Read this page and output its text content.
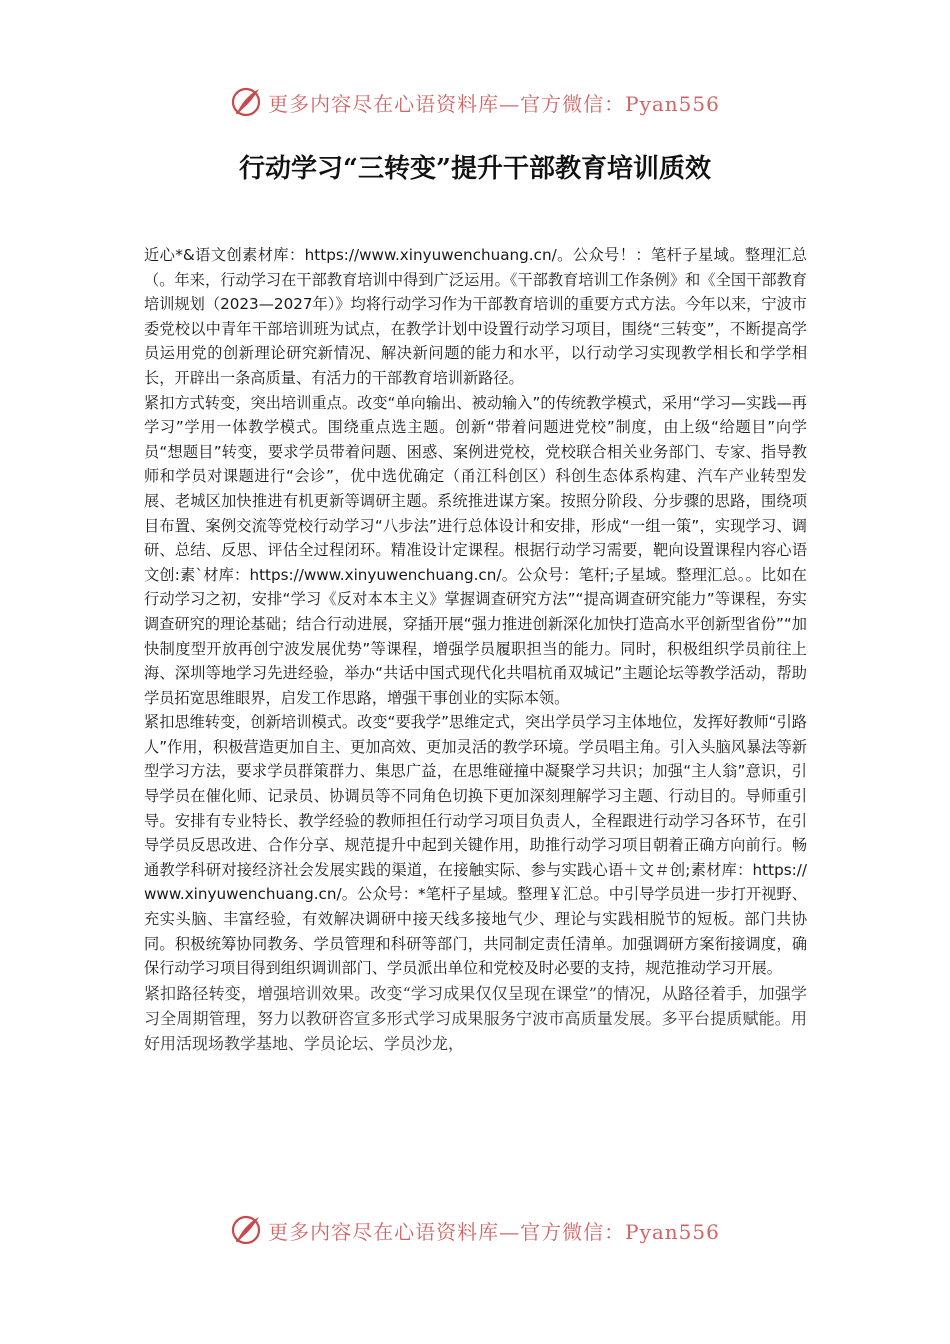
更多内容尽在心语资料库—官方微信：Pyan556
行动学习“三转变”提升干部教育培训质效

近心*&语文创素材库：https://www.xinyuwenchuang.cn/。公众号！：笔杆子星域。整理汇总（。年来，行动学习在干部教育培训中得到广泛运用。《干部教育培训工作条例》和《全国干部教育培训规划（2023—2027年）》均将行动学习作为干部教育培训的重要方式方法。今年以来，宁波市委党校以中青年干部培训班为试点，在教学计划中设置行动学习项目，围绕“三转变”，不断提高学员运用党的创新理论研究新情况、解决新问题的能力和水平，以行动学习实现教学相长和学学相长，开辟出一条高质量、有活力的干部教育培训新路径。

紧扣方式转变，突出培训重点。改变“单向输出、被动输入”的传统教学模式，采用“学习—实践—再学习”学用一体教学模式。围绕重点选主题。创新“带着问题进党校”制度，由上级“给题目”向学员“想题目”转变，要求学员带着问题、困惑、案例进党校，党校联合相关业务部门、专家、指导教师和学员对课题进行“会诊”，优中选优确定（甬江科创区）科创生态体系构建、汽车产业转型发展、老城区加快推进有机更新等调研主题。系统推进谋方案。按照分阶段、分步骤的思路，围绕项目布置、案例交流等党校行动学习“八步法”进行总体设计和安排，形成“一组一策”，实现学习、调研、总结、反思、评估全过程闭环。精准设计定课程。根据行动学习需要，靶向设置课程内容心语文创:素`材库：https://www.xinyuwenchuang.cn/。公众号：笔杆;子星域。整理汇总。。比如在行动学习之初，安排“学习《反对本本主义》掌握调查研究方法”“提高调查研究能力”等课程，夯实调查研究的理论基础；结合行动进展，穿插开展“强力推进创新深化加快打造高水平创新型省份”“加快制度型开放再创宁波发展优势”等课程，增强学员履职担当的能力。同时，积极组织学员前往上海、深圳等地学习先进经验，举办“共话中国式现代化共唱杭甬双城记”主题论坛等教学活动，帮助学员拓宽思维眼界，启发工作思路，增强干事创业的实际本领。

紧扣思维转变，创新培训模式。改变“要我学”思维定式，突出学员学习主体地位，发挥好教师“引路人”作用，积极营造更加自主、更加高效、更加灵活的教学环境。学员唱主角。引入头脑风暴法等新型学习方法，要求学员群策群力、集思广益，在思维碰撞中凝聚学习共识；加强“主人翁”意识，引导学员在催化师、记录员、协调员等不同角色切换下更加深刻理解学习主题、行动目的。导师重引导。安排有专业特长、教学经验的教师担任行动学习项目负责人，全程跟进行动学习各环节，在引导学员反思改进、合作分享、规范提升中起到关键作用，助推行动学习项目朝着正确方向前行。畅通教学科研对接经济社会发展实践的渠道，在接触实际、参与实践心语＋文＃创;素材库：https://www.xinyuwenchuang.cn/。公众号：*笔杆子星域。整理￥汇总。中引导学员进一步打开视野、充实头脑、丰富经验，有效解决调研中接天线多接地气少、理论与实践相脱节的短板。部门共协同。积极统筹协同教务、学员管理和科研等部门，共同制定责任清单。加强调研方案衔接调度，确保行动学习项目得到组织调训部门、学员派出单位和党校及时必要的支持，规范推动学习开展。

紧扣路径转变，增强培训效果。改变“学习成果仅仅呈现在课堂”的情况，从路径着手，加强学习全周期管理，努力以教研咨宣多形式学习成果服务宁波市高质量发展。多平台提质赋能。用好用活现场教学基地、学员论坛、学员沙龙，

更多内容尽在心语资料库—官方微信：Pyan556
